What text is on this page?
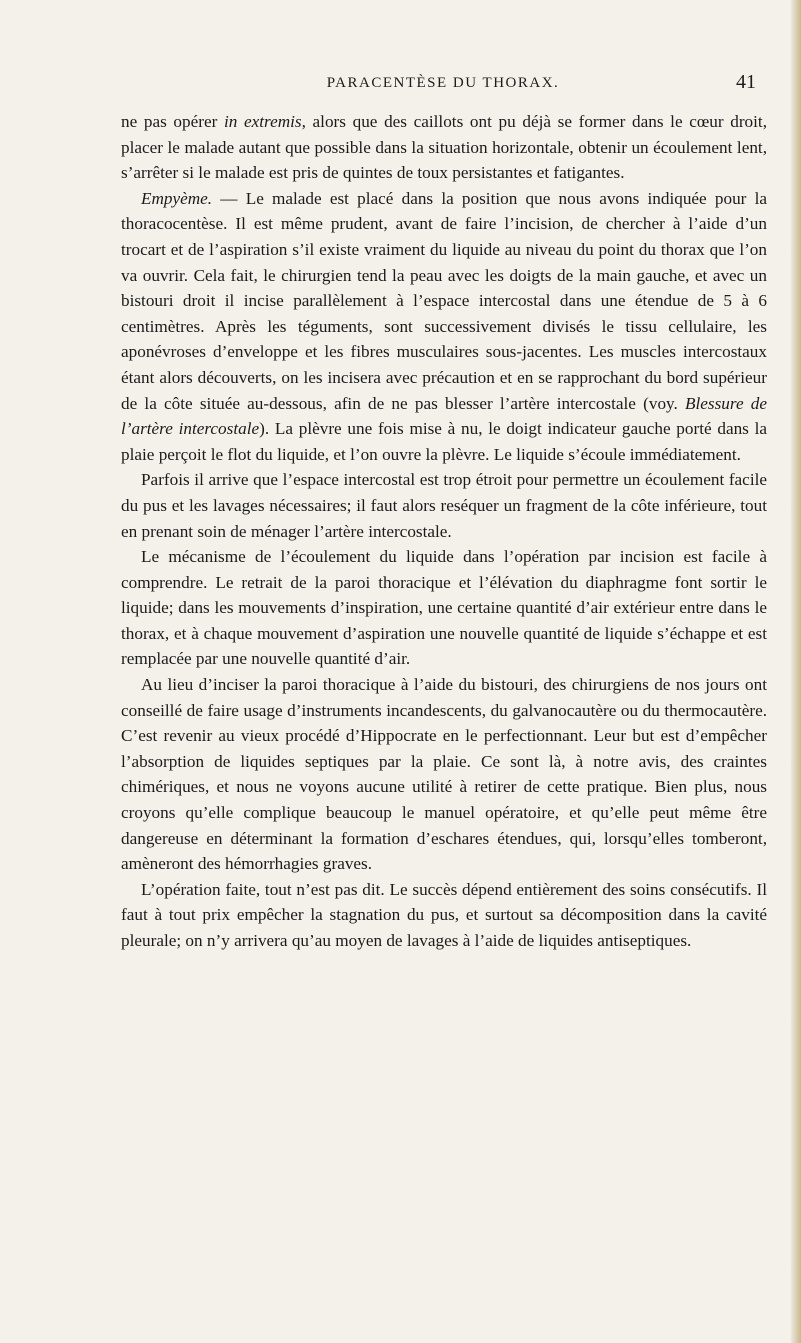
PARACENTÈSE DU THORAX.	41

ne pas opérer in extremis, alors que des caillots ont pu déjà se former dans le cœur droit, placer le malade autant que possible dans la situation horizontale, obtenir un écoulement lent, s’arrêter si le malade est pris de quintes de toux persistantes et fatigantes.

Empyème. — Le malade est placé dans la position que nous avons indiquée pour la thoracocentèse. Il est même prudent, avant de faire l’incision, de chercher à l’aide d’un trocart et de l’aspiration s’il existe vraiment du liquide au niveau du point du thorax que l’on va ouvrir. Cela fait, le chirurgien tend la peau avec les doigts de la main gauche, et avec un bistouri droit il incise parallèlement à l’espace intercostal dans une étendue de 5 à 6 centimètres. Après les téguments, sont successivement divisés le tissu cellulaire, les aponévroses d’enveloppe et les fibres musculaires sous-jacentes. Les muscles intercostaux étant alors découverts, on les incisera avec précaution et en se rapprochant du bord supérieur de la côte située au-dessous, afin de ne pas blesser l’artère intercostale (voy. Blessure de l’artère intercostale). La plèvre une fois mise à nu, le doigt indicateur gauche porté dans la plaie perçoit le flot du liquide, et l’on ouvre la plèvre. Le liquide s’écoule immédiatement.

Parfois il arrive que l’espace intercostal est trop étroit pour permettre un écoulement facile du pus et les lavages nécessaires; il faut alors reséquer un fragment de la côte inférieure, tout en prenant soin de ménager l’artère intercostale.

Le mécanisme de l’écoulement du liquide dans l’opération par incision est facile à comprendre. Le retrait de la paroi thoracique et l’élévation du diaphragme font sortir le liquide; dans les mouvements d’inspiration, une certaine quantité d’air extérieur entre dans le thorax, et à chaque mouvement d’aspiration une nouvelle quantité de liquide s’échappe et est remplacée par une nouvelle quantité d’air.

Au lieu d’inciser la paroi thoracique à l’aide du bistouri, des chirurgiens de nos jours ont conseillé de faire usage d’instruments incandescents, du galvanocautère ou du thermocautère. C’est revenir au vieux procédé d’Hippocrate en le perfectionnant. Leur but est d’empêcher l’absorption de liquides septiques par la plaie. Ce sont là, à notre avis, des craintes chimériques, et nous ne voyons aucune utilité à retirer de cette pratique. Bien plus, nous croyons qu’elle complique beaucoup le manuel opératoire, et qu’elle peut même être dangereuse en déterminant la formation d’eschares étendues, qui, lorsqu’elles tomberont, amèneront des hémorrhagies graves.

L’opération faite, tout n’est pas dit. Le succès dépend entièrement des soins consécutifs. Il faut à tout prix empêcher la stagnation du pus, et surtout sa décomposition dans la cavité pleurale; on n’y arrivera qu’au moyen de lavages à l’aide de liquides antiseptiques.
